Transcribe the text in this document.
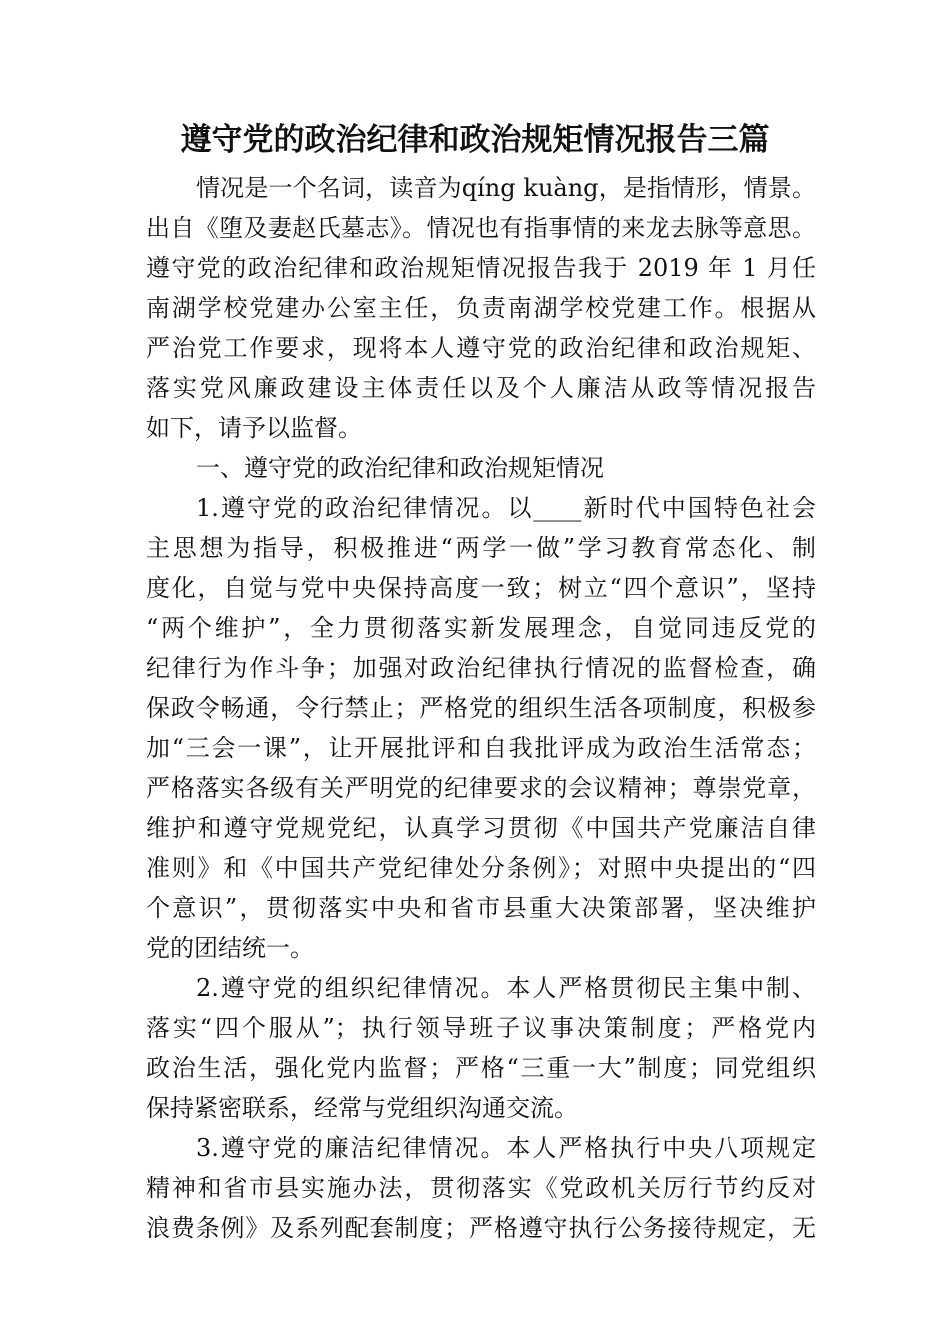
遵守党的政治纪律和政治规矩情况报告三篇
情况是一个名词，读音为qíng kuàng，是指情形，情景。
出自《堕及妻赵氏墓志》。情况也有指事情的来龙去脉等意思。
遵守党的政治纪律和政治规矩情况报告我于 2019 年 1 月任
南湖学校党建办公室主任，负责南湖学校党建工作。根据从
严治党工作要求，现将本人遵守党的政治纪律和政治规矩、
落实党风廉政建设主体责任以及个人廉洁从政等情况报告
如下，请予以监督。
一、遵守党的政治纪律和政治规矩情况
1.遵守党的政治纪律情况。以____新时代中国特色社会
主思想为指导，积极推进“两学一做”学习教育常态化、制
度化，自觉与党中央保持高度一致；树立“四个意识”，坚持
“两个维护”，全力贯彻落实新发展理念，自觉同违反党的
纪律行为作斗争；加强对政治纪律执行情况的监督检查，确
保政令畅通，令行禁止；严格党的组织生活各项制度，积极参
加“三会一课”，让开展批评和自我批评成为政治生活常态；
严格落实各级有关严明党的纪律要求的会议精神；尊崇党章，
维护和遵守党规党纪，认真学习贯彻《中国共产党廉洁自律
准则》和《中国共产党纪律处分条例》；对照中央提出的“四
个意识”，贯彻落实中央和省市县重大决策部署，坚决维护
党的团结统一。
2.遵守党的组织纪律情况。本人严格贯彻民主集中制、
落实“四个服从”；执行领导班子议事决策制度；严格党内
政治生活，强化党内监督；严格“三重一大”制度；同党组织
保持紧密联系，经常与党组织沟通交流。
3.遵守党的廉洁纪律情况。本人严格执行中央八项规定
精神和省市县实施办法，贯彻落实《党政机关厉行节约反对
浪费条例》及系列配套制度；严格遵守执行公务接待规定，无
